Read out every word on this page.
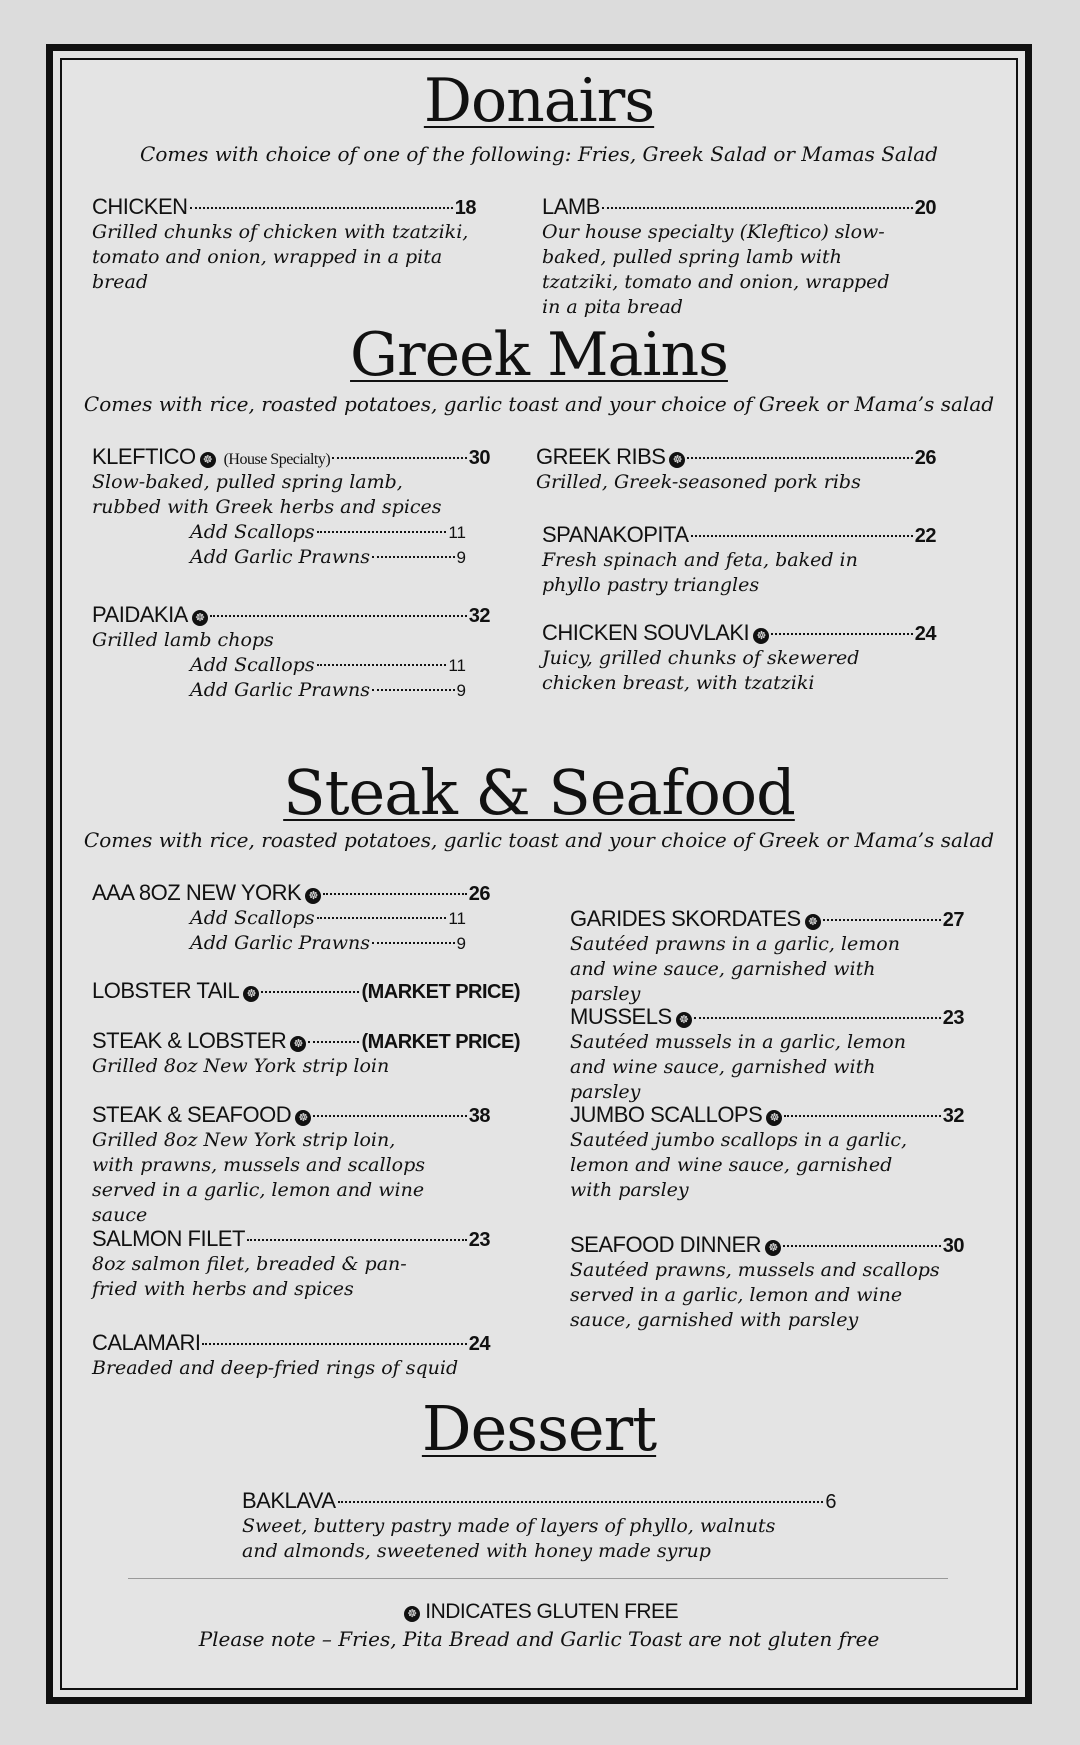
Donairs
Comes with choice of one of the following: Fries, Greek Salad or Mamas Salad
CHICKEN	18
Grilled chunks of chicken with tzatziki, tomato and onion, wrapped in a pita bread
LAMB	20
Our house specialty (Kleftico) slow-baked, pulled spring lamb with tzatziki, tomato and onion, wrapped in a pita bread
Greek Mains
Comes with rice, roasted potatoes, garlic toast and your choice of Greek or Mama’s salad
KLEFTICO ☸ (House Specialty)	30
Slow-baked, pulled spring lamb, rubbed with Greek herbs and spices
Add Scallops	11
Add Garlic Prawns	9
PAIDAKIA ☸	32
Grilled lamb chops
Add Scallops	11
Add Garlic Prawns	9
GREEK RIBS ☸	26
Grilled, Greek-seasoned pork ribs
SPANAKOPITA	22
Fresh spinach and feta, baked in phyllo pastry triangles
CHICKEN SOUVLAKI ☸	24
Juicy, grilled chunks of skewered chicken breast, with tzatziki
Steak & Seafood
Comes with rice, roasted potatoes, garlic toast and your choice of Greek or Mama’s salad
AAA 8OZ NEW YORK ☸	26
Add Scallops	11
Add Garlic Prawns	9
LOBSTER TAIL ☸	(MARKET PRICE)
STEAK & LOBSTER ☸	(MARKET PRICE)
Grilled 8oz New York strip loin
STEAK & SEAFOOD ☸	38
Grilled 8oz New York strip loin, with prawns, mussels and scallops served in a garlic, lemon and wine sauce
SALMON FILET	23
8oz salmon filet, breaded & pan-fried with herbs and spices
CALAMARI	24
Breaded and deep-fried rings of squid
GARIDES SKORDATES ☸	27
Sautéed prawns in a garlic, lemon and wine sauce, garnished with parsley
MUSSELS ☸	23
Sautéed mussels in a garlic, lemon and wine sauce, garnished with parsley
JUMBO SCALLOPS ☸	32
Sautéed jumbo scallops in a garlic, lemon and wine sauce, garnished with parsley
SEAFOOD DINNER ☸	30
Sautéed prawns, mussels and scallops served in a garlic, lemon and wine sauce, garnished with parsley
Dessert
BAKLAVA	6
Sweet, buttery pastry made of layers of phyllo, walnuts and almonds, sweetened with honey made syrup
☸ INDICATES GLUTEN FREE
Please note – Fries, Pita Bread and Garlic Toast are not gluten free
